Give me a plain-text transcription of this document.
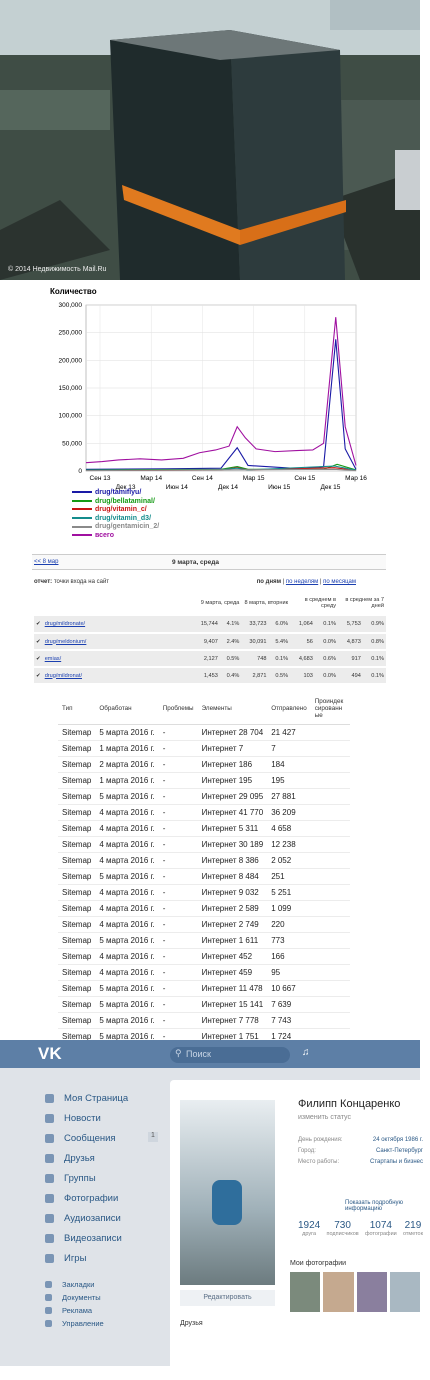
© 2014 Недвижимость Mail.Ru
Количество
300,000
250,000
200,000
150,000
100,000
50,000
0
Сен 13	Мар 14	Сен 14	Мар 15	Сен 15	Мар 16
Дек 13	Июн 14	Дек 14	Июн 15	Дек 15
drug/tamiflyu/
drug/bellataminal/
drug/vitamin_c/
drug/vitamin_d3/
drug/gentamicin_2/
всего
<< 8 мар	9 марта, среда
отчет: точки входа на сайт	по дням | по неделям | по месяцам
		9 марта, среда		8 марта, вторник		в среднем в среду		в среднем за 7 дней	
✔	drug/mildronate/	15,744	4.1%	33,723	6.0%	1,064	0.1%	5,753	0.9%
✔	drug/meldonium/	9,407	2.4%	30,091	5.4%	56	0.0%	4,873	0.8%
✔	emias/	2,127	0.5%	748	0.1%	4,683	0.6%	917	0.1%
✔	drug/mildronat/	1,453	0.4%	2,871	0.5%	103	0.0%	494	0.1%
Тип	Обработан	Проблемы	Элементы	Отправлено	Проиндексированные
Sitemap	5 марта 2016 г.	-	Интернет 28 704	21 427	
Sitemap	1 марта 2016 г.	-	Интернет 7	7	
Sitemap	2 марта 2016 г.	-	Интернет 186	184	
Sitemap	1 марта 2016 г.	-	Интернет 195	195	
Sitemap	5 марта 2016 г.	-	Интернет 29 095	27 881	
Sitemap	4 марта 2016 г.	-	Интернет 41 770	36 209	
Sitemap	4 марта 2016 г.	-	Интернет 5 311	4 658	
Sitemap	4 марта 2016 г.	-	Интернет 30 189	12 238	
Sitemap	4 марта 2016 г.	-	Интернет 8 386	2 052	
Sitemap	5 марта 2016 г.	-	Интернет 8 484	251	
Sitemap	4 марта 2016 г.	-	Интернет 9 032	5 251	
Sitemap	4 марта 2016 г.	-	Интернет 2 589	1 099	
Sitemap	4 марта 2016 г.	-	Интернет 2 749	220	
Sitemap	5 марта 2016 г.	-	Интернет 1 611	773	
Sitemap	4 марта 2016 г.	-	Интернет 452	166	
Sitemap	4 марта 2016 г.	-	Интернет 459	95	
Sitemap	5 марта 2016 г.	-	Интернет 11 478	10 667	
Sitemap	5 марта 2016 г.	-	Интернет 15 141	7 639	
Sitemap	5 марта 2016 г.	-	Интернет 7 778	7 743	
Sitemap	5 марта 2016 г.	-	Интернет 1 751	1 724	
VK	⚲ Поиск	♫
Моя Страница
Новости
Сообщения
Друзья
Группы
Фотографии
Аудиозаписи
Видеозаписи
Игры
Закладки
Документы
Реклама
Управление
1
Редактировать
Филипп Концаренко
изменить статус
День рождения:	24 октября 1986 г.
Город:	Санкт-Петербург
Место работы:	Стартапы и бизнес
Показать подробную информацию
1924
друга
730
подписчиков
1074
фотографии
219
отметок
Мои фотографии
Друзья
